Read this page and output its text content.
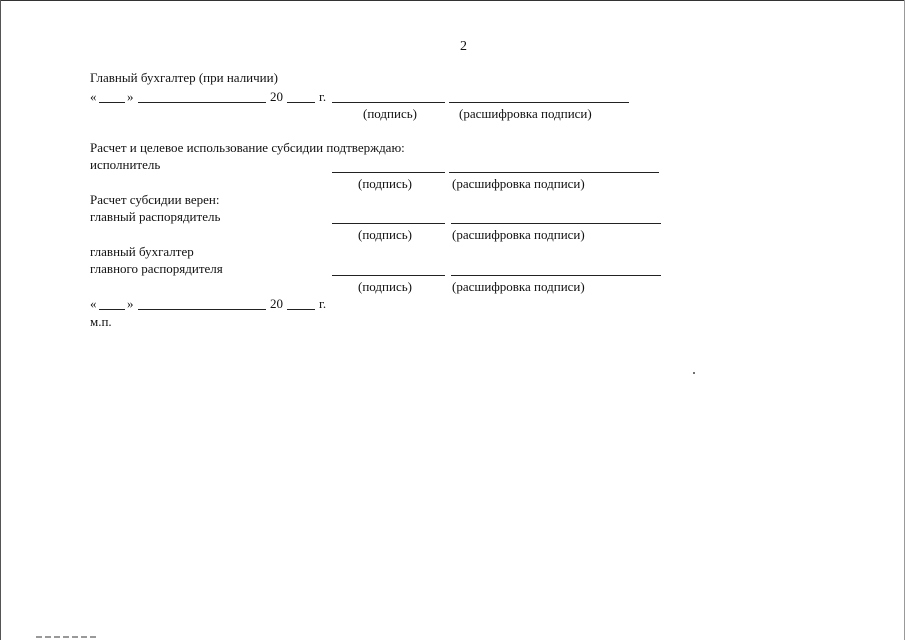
2
Главный бухгалтер (при наличии)
« »	20	г.
(подпись)	(расшифровка подписи)
Расчет и целевое использование субсидии подтверждаю:
исполнитель
(подпись)	(расшифровка подписи)
Расчет субсидии верен:
главный распорядитель
(подпись)	(расшифровка подписи)
главный бухгалтер
главного распорядителя
(подпись)	(расшифровка подписи)
« »	20	г.
м.п.
